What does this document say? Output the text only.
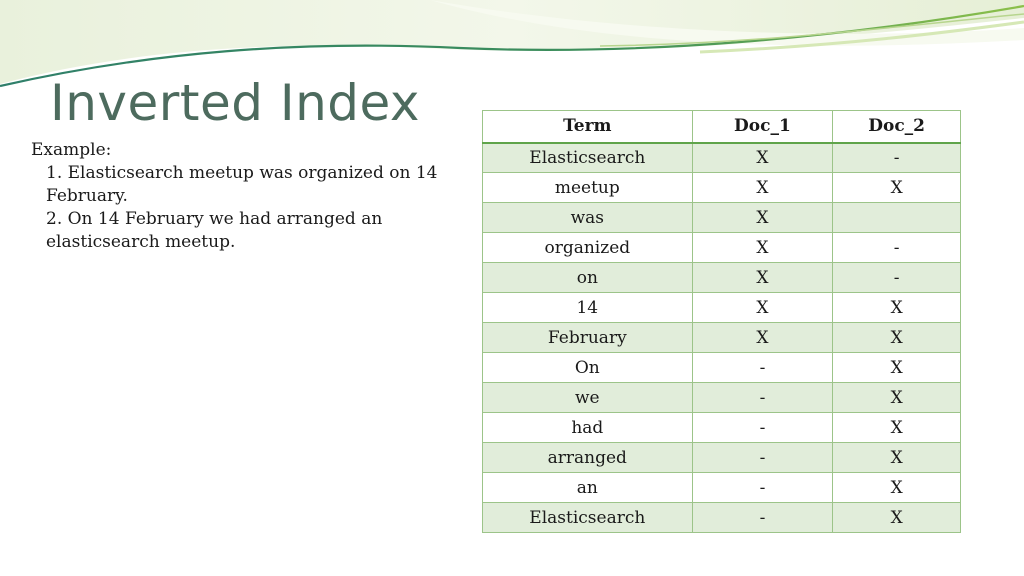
Inverted Index
Example:
1. Elasticsearch meetup was organized on 14 February.
2. On 14 February we had arranged an elasticsearch meetup.
Term	Doc_1	Doc_2
Elasticsearch	X	-
meetup	X	X
was	X	
organized	X	-
on	X	-
14	X	X
February	X	X
On	-	X
we	-	X
had	-	X
arranged	-	X
an	-	X
Elasticsearch	-	X
